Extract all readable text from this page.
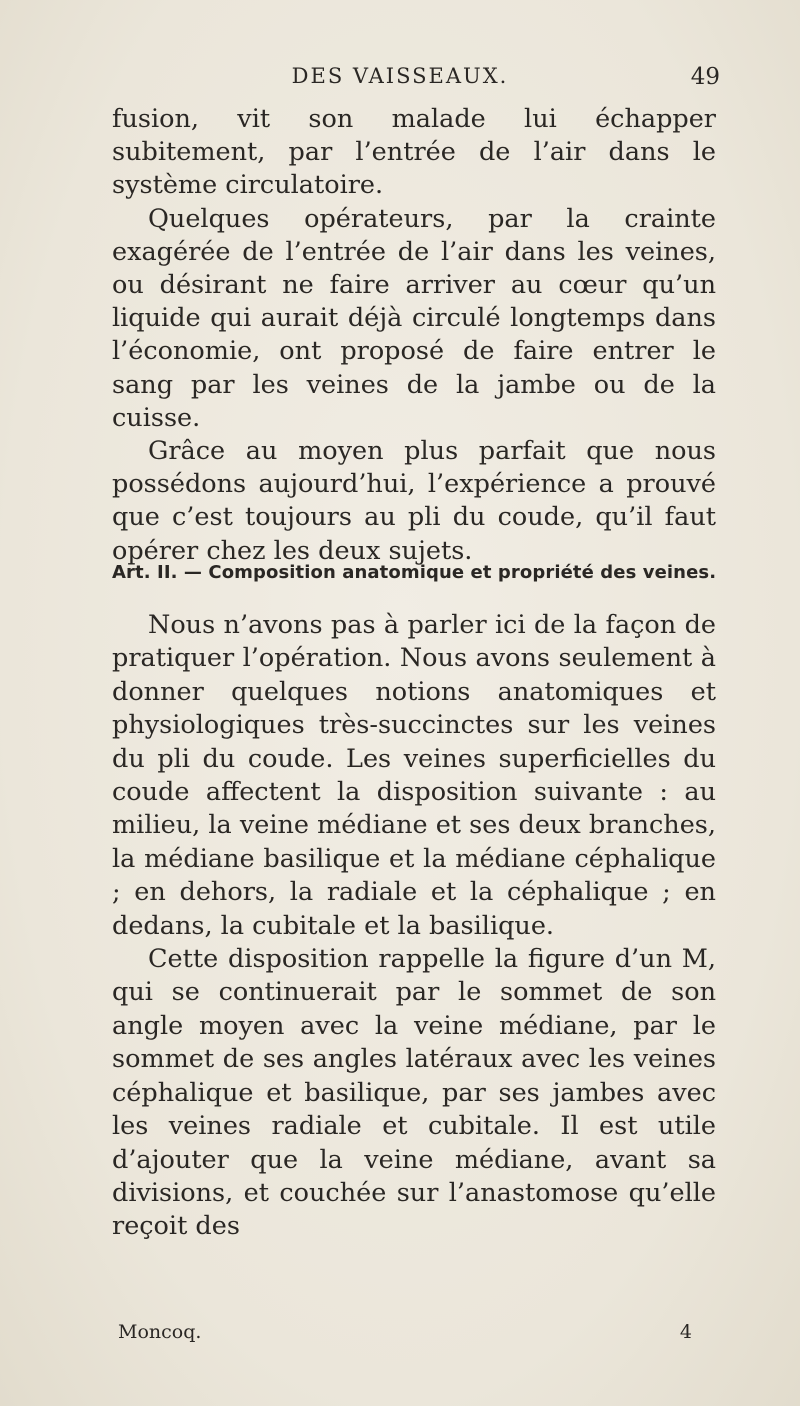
DES VAISSEAUX.	49

fusion, vit son malade lui échapper subitement, par l’entrée de l’air dans le système circulatoire.

Quelques opérateurs, par la crainte exagérée de l’entrée de l’air dans les veines, ou désirant ne faire arriver au cœur qu’un liquide qui aurait déjà circulé longtemps dans l’économie, ont proposé de faire entrer le sang par les veines de la jambe ou de la cuisse.

Grâce au moyen plus parfait que nous possédons aujourd’hui, l’expérience a prouvé que c’est toujours au pli du coude, qu’il faut opérer chez les deux sujets.

Art. II. — Composition anatomique et propriété des veines.

Nous n’avons pas à parler ici de la façon de pratiquer l’opération. Nous avons seulement à donner quelques notions anatomiques et physiologiques très-succinctes sur les veines du pli du coude. Les veines superficielles du coude affectent la disposition suivante : au milieu, la veine médiane et ses deux branches, la médiane basilique et la médiane céphalique ; en dehors, la radiale et la céphalique ; en dedans, la cubitale et la basilique.

Cette disposition rappelle la figure d’un M, qui se continuerait par le sommet de son angle moyen avec la veine médiane, par le sommet de ses angles latéraux avec les veines céphalique et basilique, par ses jambes avec les veines radiale et cubitale. Il est utile d’ajouter que la veine médiane, avant sa divisions, et couchée sur l’anastomose qu’elle reçoit des

Moncoq.	4
